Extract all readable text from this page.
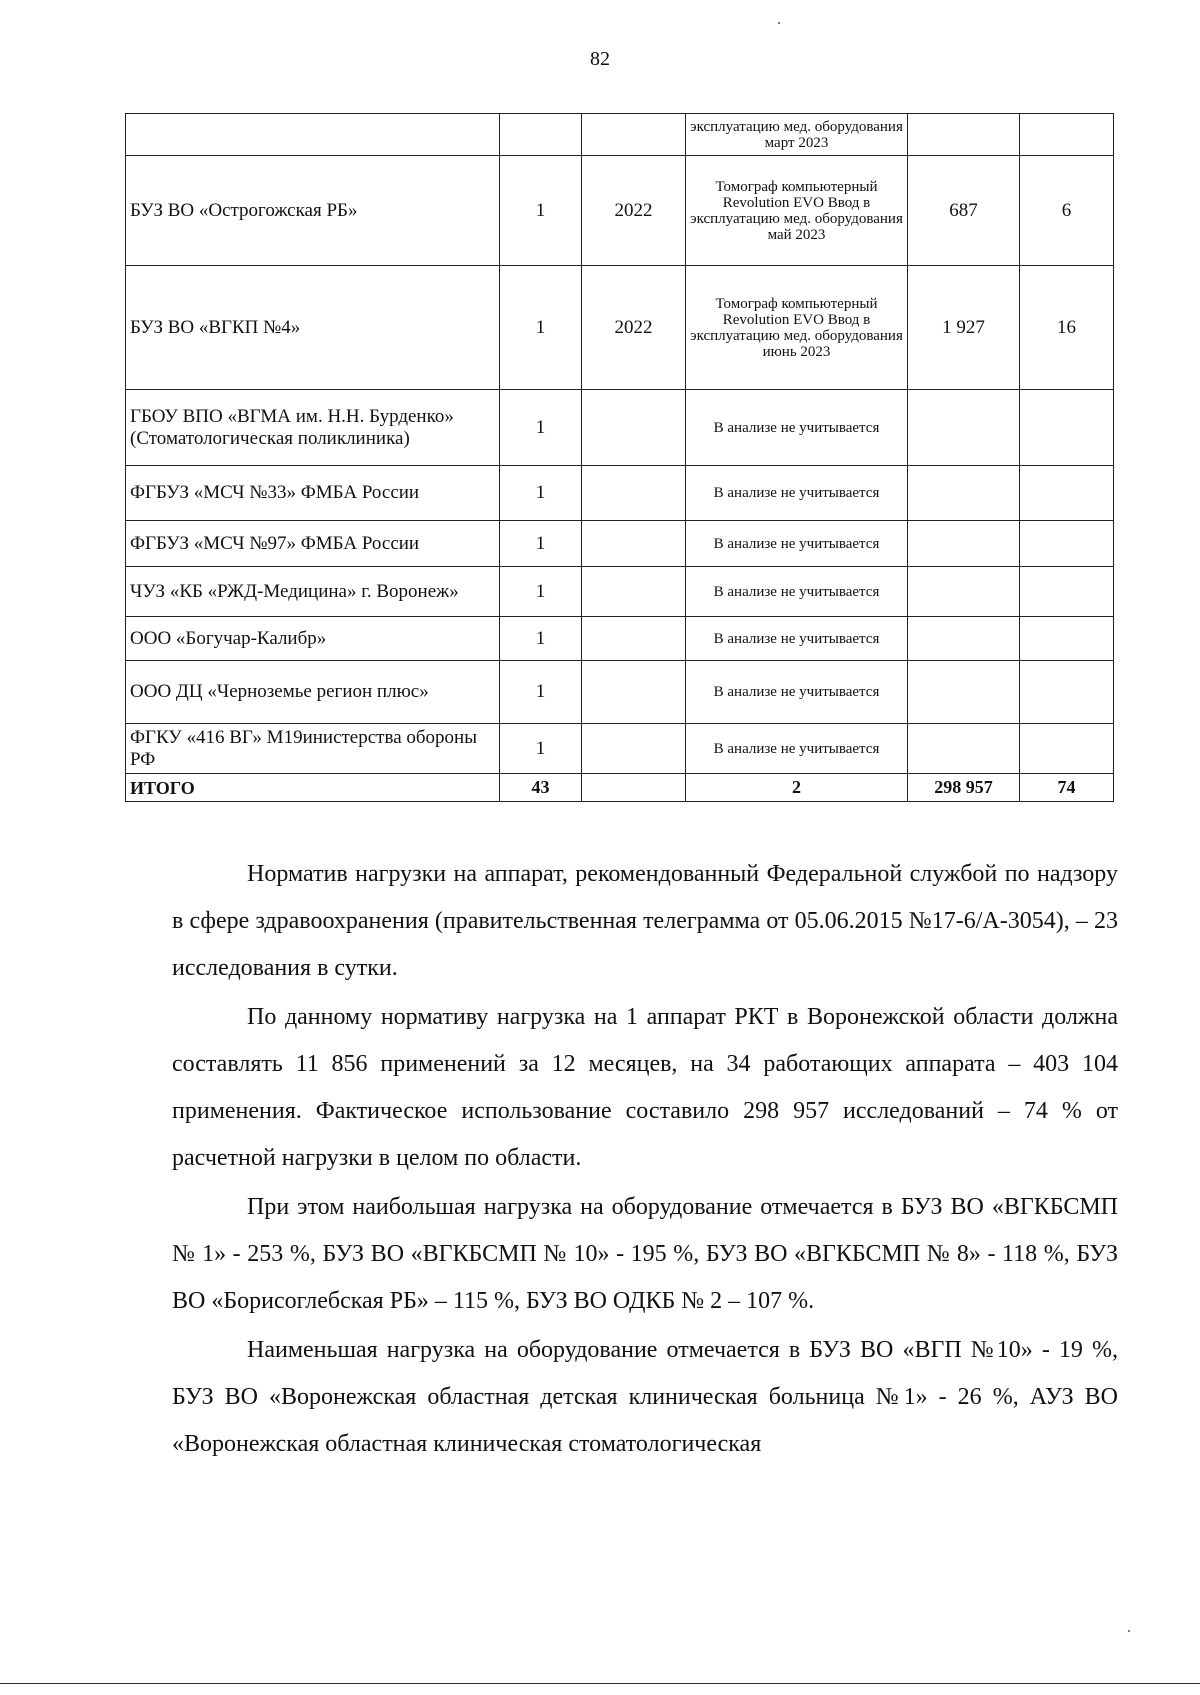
82
			эксплуатацию мед. оборудования март 2023		
БУЗ ВО «Острогожская РБ»	1	2022	Томограф компьютерный Revolution EVO Ввод в эксплуатацию мед. оборудования май 2023	687	6
БУЗ ВО «ВГКП №4»	1	2022	Томограф компьютерный Revolution EVO Ввод в эксплуатацию мед. оборудования июнь 2023	1 927	16
ГБОУ ВПО «ВГМА им. Н.Н. Бурденко» (Стоматологическая поликлиника)	1		В анализе не учитывается		
ФГБУЗ «МСЧ №33» ФМБА России	1		В анализе не учитывается		
ФГБУЗ «МСЧ №97» ФМБА России	1		В анализе не учитывается		
ЧУЗ «КБ «РЖД-Медицина» г. Воронеж»	1		В анализе не учитывается		
ООО «Богучар-Калибр»	1		В анализе не учитывается		
ООО ДЦ «Черноземье регион плюс»	1		В анализе не учитывается		
ФГКУ «416 ВГ» М19инистерства обороны РФ	1		В анализе не учитывается		
ИТОГО	43		2	298 957	74

Норматив нагрузки на аппарат, рекомендованный Федеральной службой по надзору в сфере здравоохранения (правительственная телеграмма от 05.06.2015 №17-6/А-3054), – 23 исследования в сутки.

По данному нормативу нагрузка на 1 аппарат РКТ в Воронежской области должна составлять 11 856 применений за 12 месяцев, на 34 работающих аппарата – 403 104 применения. Фактическое использование составило 298 957 исследований – 74 % от расчетной нагрузки в целом по области.

При этом наибольшая нагрузка на оборудование отмечается в БУЗ ВО «ВГКБСМП № 1» - 253 %, БУЗ ВО «ВГКБСМП № 10» - 195 %, БУЗ ВО «ВГКБСМП № 8» - 118 %, БУЗ ВО «Борисоглебская РБ» – 115 %, БУЗ ВО ОДКБ № 2 – 107 %.

Наименьшая нагрузка на оборудование отмечается в БУЗ ВО «ВГП №10» - 19 %, БУЗ ВО «Воронежская областная детская клиническая больница №1» - 26 %, АУЗ ВО «Воронежская областная клиническая стоматологическая
